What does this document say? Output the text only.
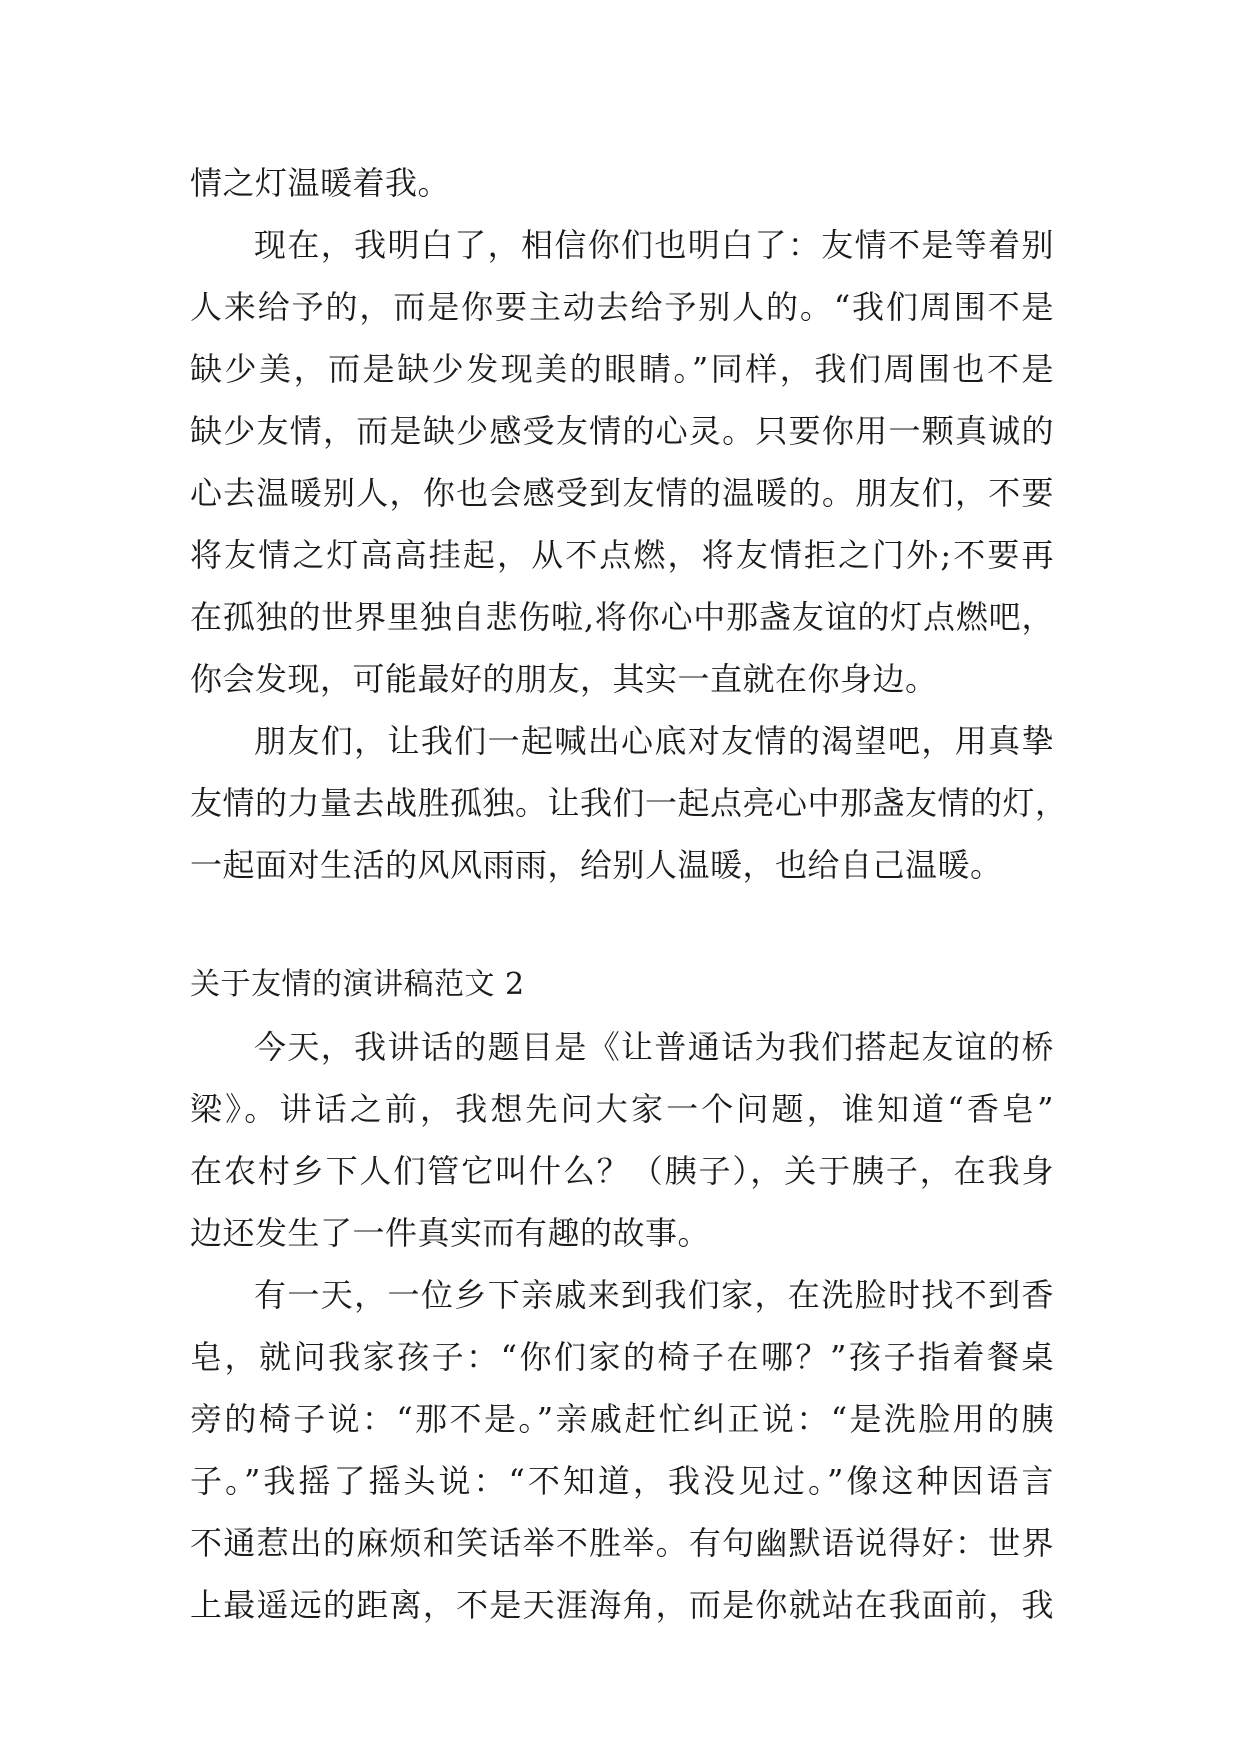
情之灯温暖着我。
现在，我明白了，相信你们也明白了：友情不是等着别
人来给予的，而是你要主动去给予别人的。“我们周围不是
缺少美，而是缺少发现美的眼睛。”同样，我们周围也不是
缺少友情，而是缺少感受友情的心灵。只要你用一颗真诚的
心去温暖别人，你也会感受到友情的温暖的。朋友们，不要
将友情之灯高高挂起，从不点燃，将友情拒之门外;不要再
在孤独的世界里独自悲伤啦,将你心中那盏友谊的灯点燃吧，
你会发现，可能最好的朋友，其实一直就在你身边。
朋友们，让我们一起喊出心底对友情的渴望吧，用真挚
友情的力量去战胜孤独。让我们一起点亮心中那盏友情的灯，
一起面对生活的风风雨雨，给别人温暖，也给自己温暖。
关于友情的演讲稿范文 2
今天，我讲话的题目是《让普通话为我们搭起友谊的桥
梁》。讲话之前，我想先问大家一个问题，谁知道“香皂”
在农村乡下人们管它叫什么？（胰子），关于胰子，在我身
边还发生了一件真实而有趣的故事。
有一天，一位乡下亲戚来到我们家，在洗脸时找不到香
皂，就问我家孩子：“你们家的椅子在哪？”孩子指着餐桌
旁的椅子说：“那不是。”亲戚赶忙纠正说：“是洗脸用的胰
子。”我摇了摇头说：“不知道，我没见过。”像这种因语言
不通惹出的麻烦和笑话举不胜举。有句幽默语说得好：世界
上最遥远的距离，不是天涯海角，而是你就站在我面前，我
